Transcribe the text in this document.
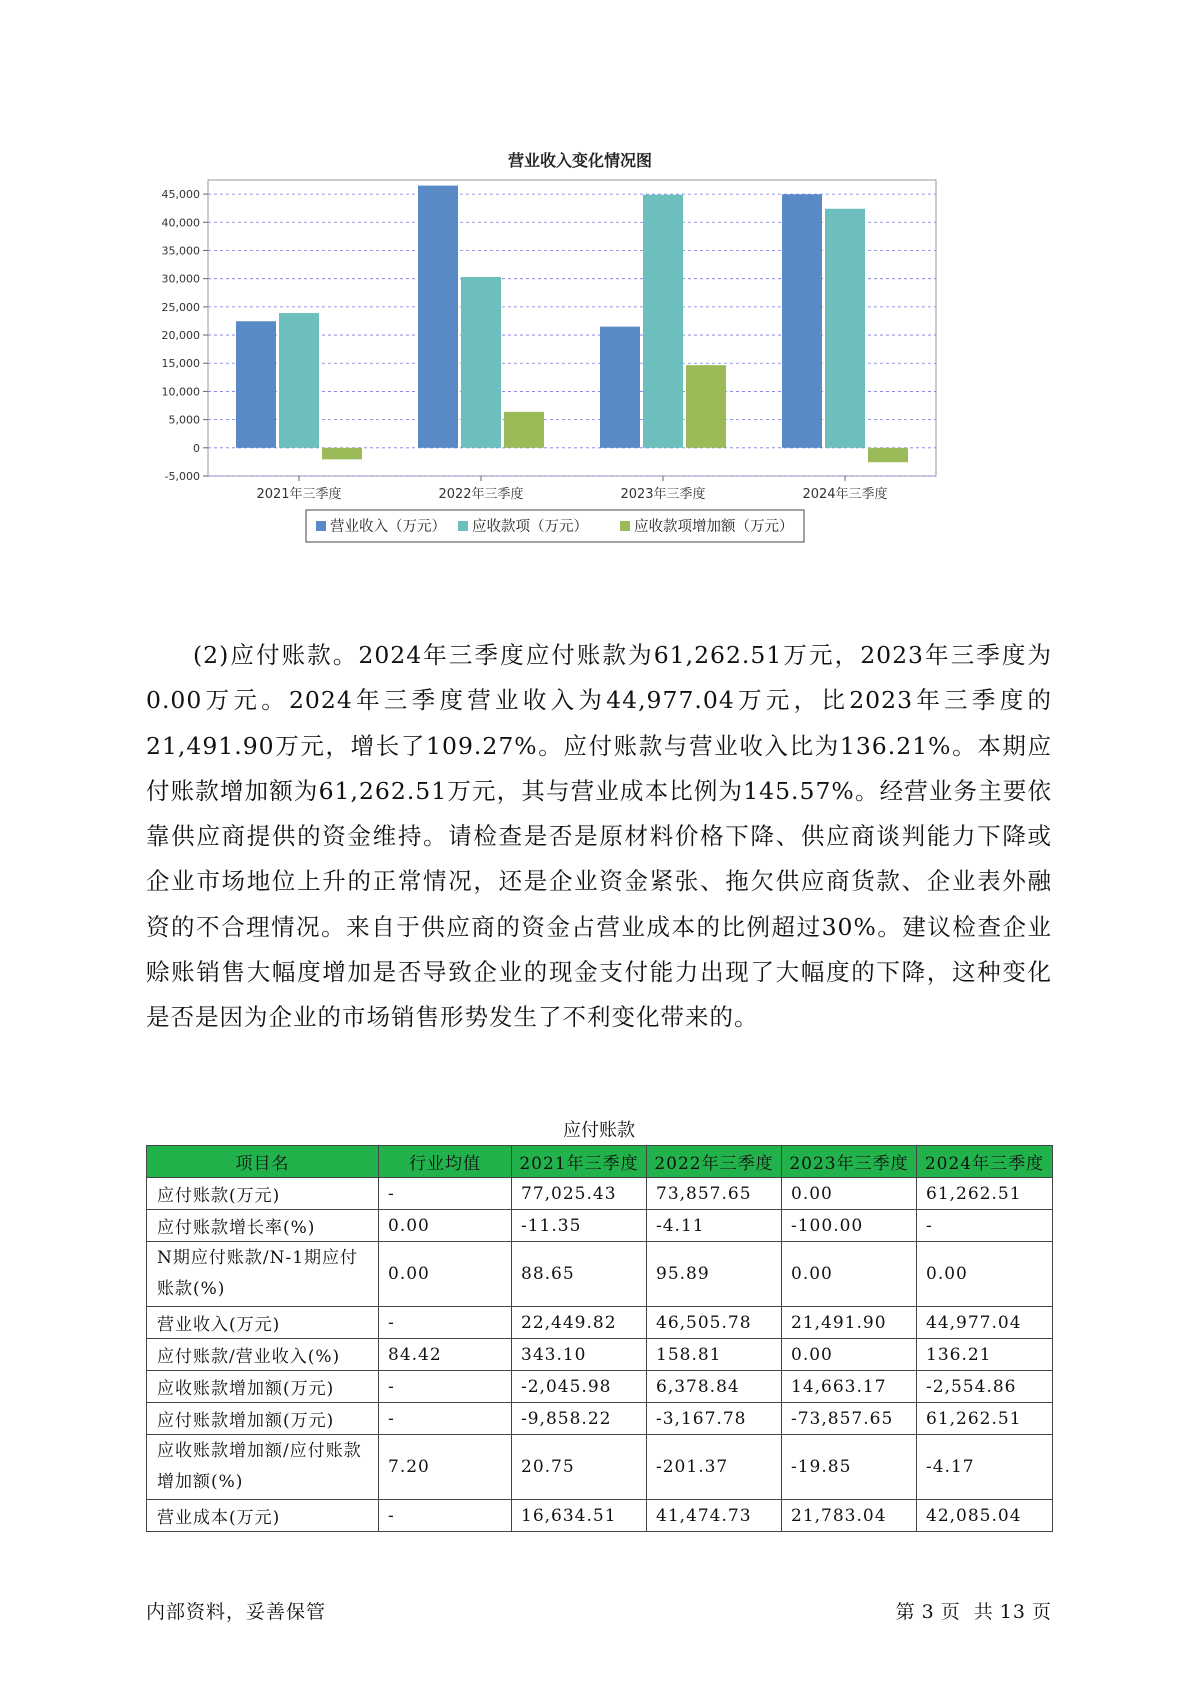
营业收入变化情况图
45,000
40,000
35,000
30,000
25,000
20,000
15,000
10,000
5,000
0
-5,000
2021年三季度	2022年三季度	2023年三季度	2024年三季度
营业收入（万元） 应收款项（万元）	应收款项增加额（万元）

(2)应付账款。2024年三季度应付账款为61,262.51万元，2023年三季度为0.00万元。2024年三季度营业收入为44,977.04万元，比2023年三季度的21,491.90万元，增长了109.27%。应付账款与营业收入比为136.21%。本期应付账款增加额为61,262.51万元，其与营业成本比例为145.57%。经营业务主要依靠供应商提供的资金维持。请检查是否是原材料价格下降、供应商谈判能力下降或企业市场地位上升的正常情况，还是企业资金紧张、拖欠供应商货款、企业表外融资的不合理情况。来自于供应商的资金占营业成本的比例超过30%。建议检查企业赊账销售大幅度增加是否导致企业的现金支付能力出现了大幅度的下降，这种变化是否是因为企业的市场销售形势发生了不利变化带来的。

应付账款
项目名	行业均值	2021年三季度	2022年三季度	2023年三季度	2024年三季度
应付账款(万元)	-	77,025.43	73,857.65	0.00	61,262.51
应付账款增长率(%)	0.00	-11.35	-4.11	-100.00	-
N期应付账款/N-1期应付账款(%)	0.00	88.65	95.89	0.00	0.00
营业收入(万元)	-	22,449.82	46,505.78	21,491.90	44,977.04
应付账款/营业收入(%)	84.42	343.10	158.81	0.00	136.21
应收账款增加额(万元)	-	-2,045.98	6,378.84	14,663.17	-2,554.86
应付账款增加额(万元)	-	-9,858.22	-3,167.78	-73,857.65	61,262.51
应收账款增加额/应付账款增加额(%)	7.20	20.75	-201.37	-19.85	-4.17
营业成本(万元)	-	16,634.51	41,474.73	21,783.04	42,085.04
内部资料，妥善保管	第 3 页 共 13 页
